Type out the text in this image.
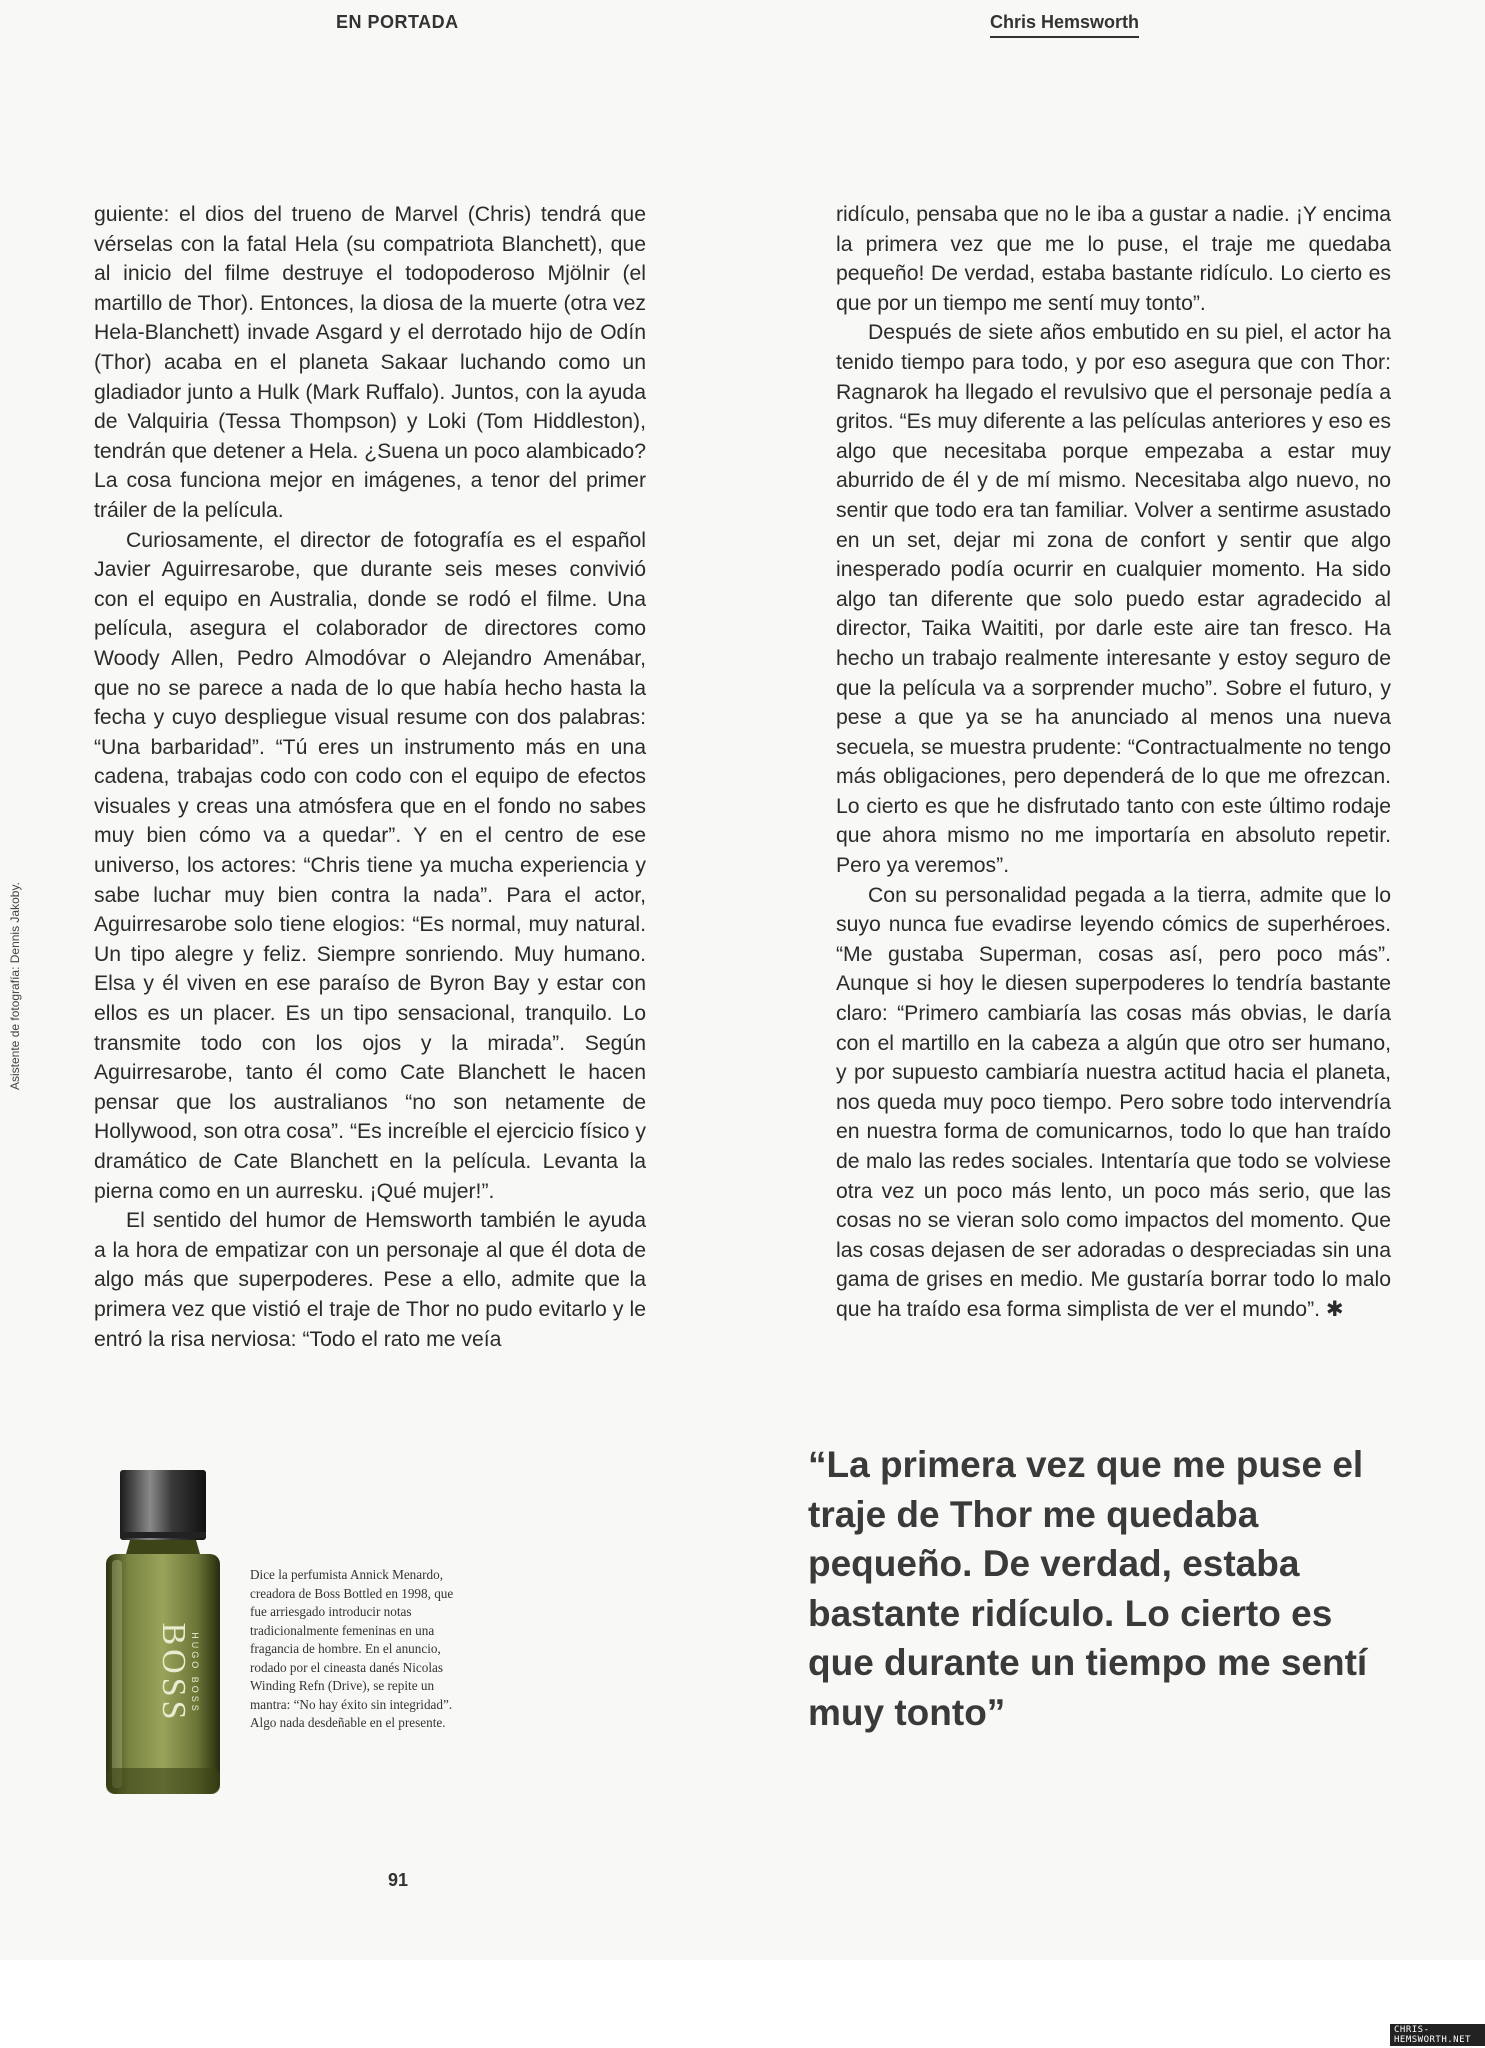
EN PORTADA	Chris Hemsworth
Asistente de fotografía: Dennis Jakoby.

guiente: el dios del trueno de Marvel (Chris) tendrá que vérselas con la fatal Hela (su compatriota Blanchett), que al inicio del filme destruye el todopoderoso Mjölnir (el martillo de Thor). Entonces, la diosa de la muerte (otra vez Hela-Blanchett) invade Asgard y el derrotado hijo de Odín (Thor) acaba en el planeta Sakaar luchando como un gladiador junto a Hulk (Mark Ruffalo). Juntos, con la ayuda de Valquiria (Tessa Thompson) y Loki (Tom Hiddleston), tendrán que detener a Hela. ¿Suena un poco alambicado? La cosa funciona mejor en imágenes, a tenor del primer tráiler de la película.

Curiosamente, el director de fotografía es el español Javier Aguirresarobe, que durante seis meses convivió con el equipo en Australia, donde se rodó el filme. Una película, asegura el colaborador de directores como Woody Allen, Pedro Almodóvar o Alejandro Amenábar, que no se parece a nada de lo que había hecho hasta la fecha y cuyo despliegue visual resume con dos palabras: “Una barbaridad”. “Tú eres un instrumento más en una cadena, trabajas codo con codo con el equipo de efectos visuales y creas una atmósfera que en el fondo no sabes muy bien cómo va a quedar”. Y en el centro de ese universo, los actores: “Chris tiene ya mucha experiencia y sabe luchar muy bien contra la nada”. Para el actor, Aguirresarobe solo tiene elogios: “Es normal, muy natural. Un tipo alegre y feliz. Siempre sonriendo. Muy humano. Elsa y él viven en ese paraíso de Byron Bay y estar con ellos es un placer. Es un tipo sensacional, tranquilo. Lo transmite todo con los ojos y la mirada”. Según Aguirresarobe, tanto él como Cate Blanchett le hacen pensar que los australianos “no son netamente de Hollywood, son otra cosa”. “Es increíble el ejercicio físico y dramático de Cate Blanchett en la película. Levanta la pierna como en un aurresku. ¡Qué mujer!”.

El sentido del humor de Hemsworth también le ayuda a la hora de empatizar con un personaje al que él dota de algo más que superpoderes. Pese a ello, admite que la primera vez que vistió el traje de Thor no pudo evitarlo y le entró la risa nerviosa: “Todo el rato me veía

ridículo, pensaba que no le iba a gustar a nadie. ¡Y encima la primera vez que me lo puse, el traje me quedaba pequeño! De verdad, estaba bastante ridículo. Lo cierto es que por un tiempo me sentí muy tonto”.

Después de siete años embutido en su piel, el actor ha tenido tiempo para todo, y por eso asegura que con Thor: Ragnarok ha llegado el revulsivo que el personaje pedía a gritos. “Es muy diferente a las películas anteriores y eso es algo que necesitaba porque empezaba a estar muy aburrido de él y de mí mismo. Necesitaba algo nuevo, no sentir que todo era tan familiar. Volver a sentirme asustado en un set, dejar mi zona de confort y sentir que algo inesperado podía ocurrir en cualquier momento. Ha sido algo tan diferente que solo puedo estar agradecido al director, Taika Waititi, por darle este aire tan fresco. Ha hecho un trabajo realmente interesante y estoy seguro de que la película va a sorprender mucho”. Sobre el futuro, y pese a que ya se ha anunciado al menos una nueva secuela, se muestra prudente: “Contractualmente no tengo más obligaciones, pero dependerá de lo que me ofrezcan. Lo cierto es que he disfrutado tanto con este último rodaje que ahora mismo no me importaría en absoluto repetir. Pero ya veremos”.

Con su personalidad pegada a la tierra, admite que lo suyo nunca fue evadirse leyendo cómics de superhéroes. “Me gustaba Superman, cosas así, pero poco más”. Aunque si hoy le diesen superpoderes lo tendría bastante claro: “Primero cambiaría las cosas más obvias, le daría con el martillo en la cabeza a algún que otro ser humano, y por supuesto cambiaría nuestra actitud hacia el planeta, nos queda muy poco tiempo. Pero sobre todo intervendría en nuestra forma de comunicarnos, todo lo que han traído de malo las redes sociales. Intentaría que todo se volviese otra vez un poco más lento, un poco más serio, que las cosas no se vieran solo como impactos del momento. Que las cosas dejasen de ser adoradas o despreciadas sin una gama de grises en medio. Me gustaría borrar todo lo malo que ha traído esa forma simplista de ver el mundo”. ✱

“La primera vez que me puse el traje de Thor me quedaba pequeño. De verdad, estaba bastante ridículo. Lo cierto es que durante un tiempo me sentí muy tonto”

BOSS
HUGO BOSS

Dice la perfumista Annick Menardo, creadora de Boss Bottled en 1998, que fue arriesgado introducir notas tradicionalmente femeninas en una fragancia de hombre. En el anuncio, rodado por el cineasta danés Nicolas Winding Refn (Drive), se repite un mantra: “No hay éxito sin integridad”. Algo nada desdeñable en el presente.

91
CHRIS-HEMSWORTH.NET
